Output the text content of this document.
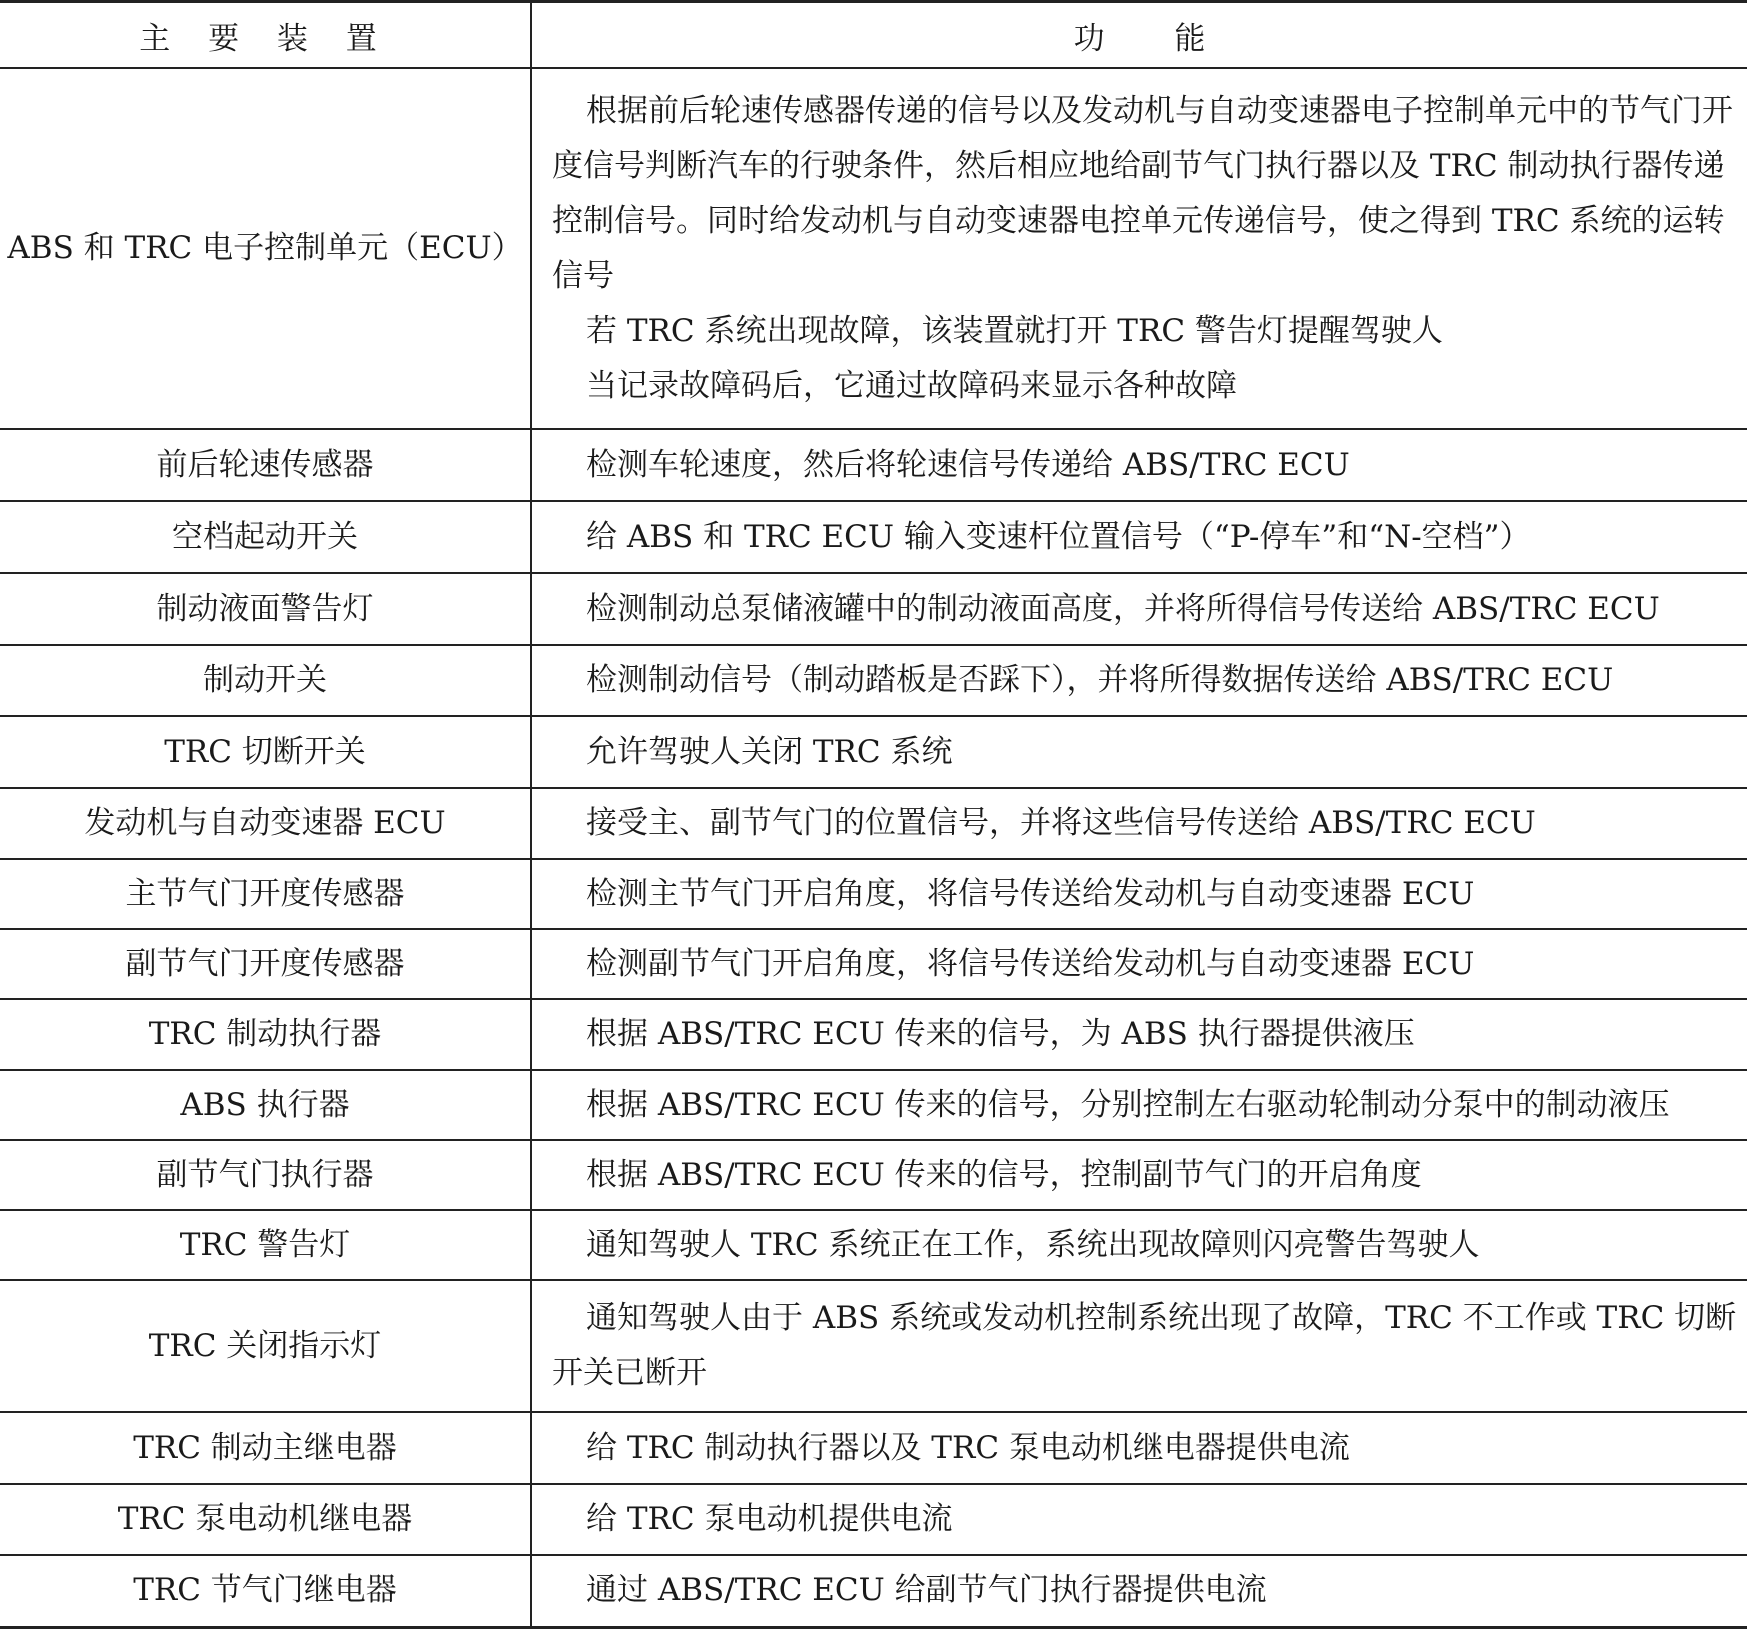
主 要 装 置	功 能
ABS 和 TRC 电子控制单元（ECU）	根据前后轮速传感器传递的信号以及发动机与自动变速器电子控制单元中的节气门开度信号判断汽车的行驶条件，然后相应地给副节气门执行器以及 TRC 制动执行器传递控制信号。同时给发动机与自动变速器电控单元传递信号，使之得到 TRC 系统的运转信号

若 TRC 系统出现故障，该装置就打开 TRC 警告灯提醒驾驶人

当记录故障码后，它通过故障码来显示各种故障

前后轮速传感器	检测车轮速度，然后将轮速信号传递给 ABS/TRC ECU

空档起动开关	给 ABS 和 TRC ECU 输入变速杆位置信号（“P-停车”和“N-空档”）

制动液面警告灯	检测制动总泵储液罐中的制动液面高度，并将所得信号传送给 ABS/TRC ECU

制动开关	检测制动信号（制动踏板是否踩下），并将所得数据传送给 ABS/TRC ECU

TRC 切断开关	允许驾驶人关闭 TRC 系统

发动机与自动变速器 ECU	接受主、副节气门的位置信号，并将这些信号传送给 ABS/TRC ECU

主节气门开度传感器	检测主节气门开启角度，将信号传送给发动机与自动变速器 ECU

副节气门开度传感器	检测副节气门开启角度，将信号传送给发动机与自动变速器 ECU

TRC 制动执行器	根据 ABS/TRC ECU 传来的信号，为 ABS 执行器提供液压

ABS 执行器	根据 ABS/TRC ECU 传来的信号，分别控制左右驱动轮制动分泵中的制动液压

副节气门执行器	根据 ABS/TRC ECU 传来的信号，控制副节气门的开启角度

TRC 警告灯	通知驾驶人 TRC 系统正在工作，系统出现故障则闪亮警告驾驶人

TRC 关闭指示灯	通知驾驶人由于 ABS 系统或发动机控制系统出现了故障，TRC 不工作或 TRC 切断开关已断开

TRC 制动主继电器	给 TRC 制动执行器以及 TRC 泵电动机继电器提供电流

TRC 泵电动机继电器	给 TRC 泵电动机提供电流

TRC 节气门继电器	通过 ABS/TRC ECU 给副节气门执行器提供电流
